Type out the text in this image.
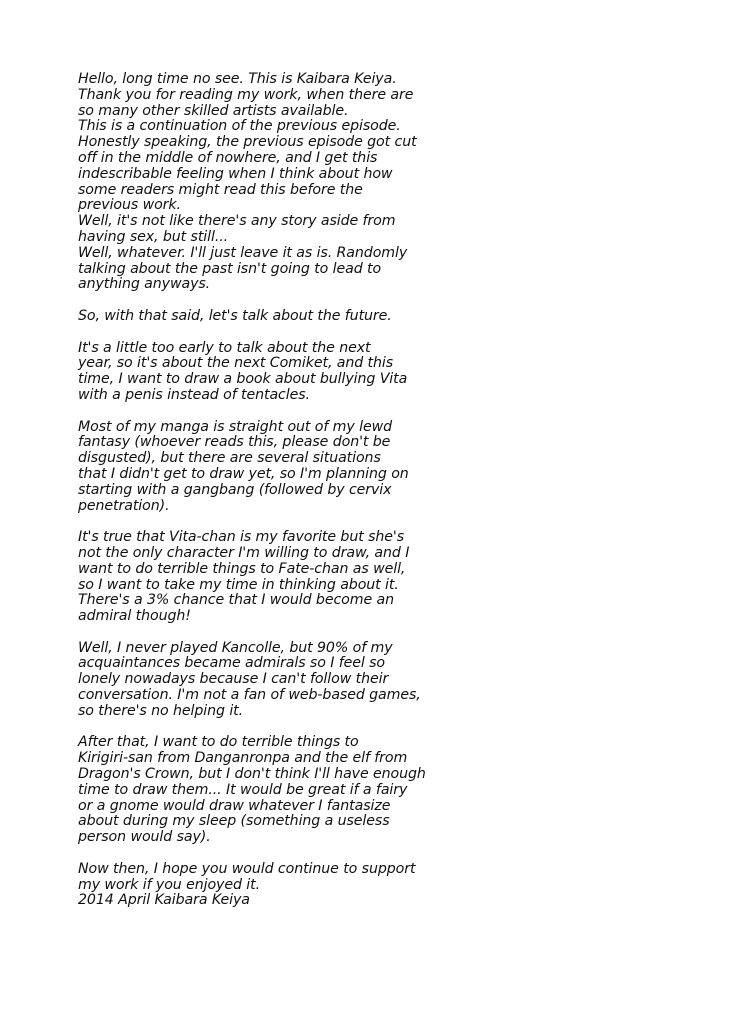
Hello, long time no see. This is Kaibara Keiya.
Thank you for reading my work, when there are
so many other skilled artists available.
This is a continuation of the previous episode.
Honestly speaking, the previous episode got cut
off in the middle of nowhere, and I get this
indescribable feeling when I think about how
some readers might read this before the
previous work.
Well, it's not like there's any story aside from
having sex, but still...
Well, whatever. I'll just leave it as is. Randomly
talking about the past isn't going to lead to
anything anyways.

So, with that said, let's talk about the future.

It's a little too early to talk about the next
year, so it's about the next Comiket, and this
time, I want to draw a book about bullying Vita
with a penis instead of tentacles.

Most of my manga is straight out of my lewd
fantasy (whoever reads this, please don't be
disgusted), but there are several situations
that I didn't get to draw yet, so I'm planning on
starting with a gangbang (followed by cervix
penetration).

It's true that Vita-chan is my favorite but she's
not the only character I'm willing to draw, and I
want to do terrible things to Fate-chan as well,
so I want to take my time in thinking about it.
There's a 3% chance that I would become an
admiral though!

Well, I never played Kancolle, but 90% of my
acquaintances became admirals so I feel so
lonely nowadays because I can't follow their
conversation. I'm not a fan of web-based games,
so there's no helping it.

After that, I want to do terrible things to
Kirigiri-san from Danganronpa and the elf from
Dragon's Crown, but I don't think I'll have enough
time to draw them... It would be great if a fairy
or a gnome would draw whatever I fantasize
about during my sleep (something a useless
person would say).

Now then, I hope you would continue to support
my work if you enjoyed it.
2014 April Kaibara Keiya
